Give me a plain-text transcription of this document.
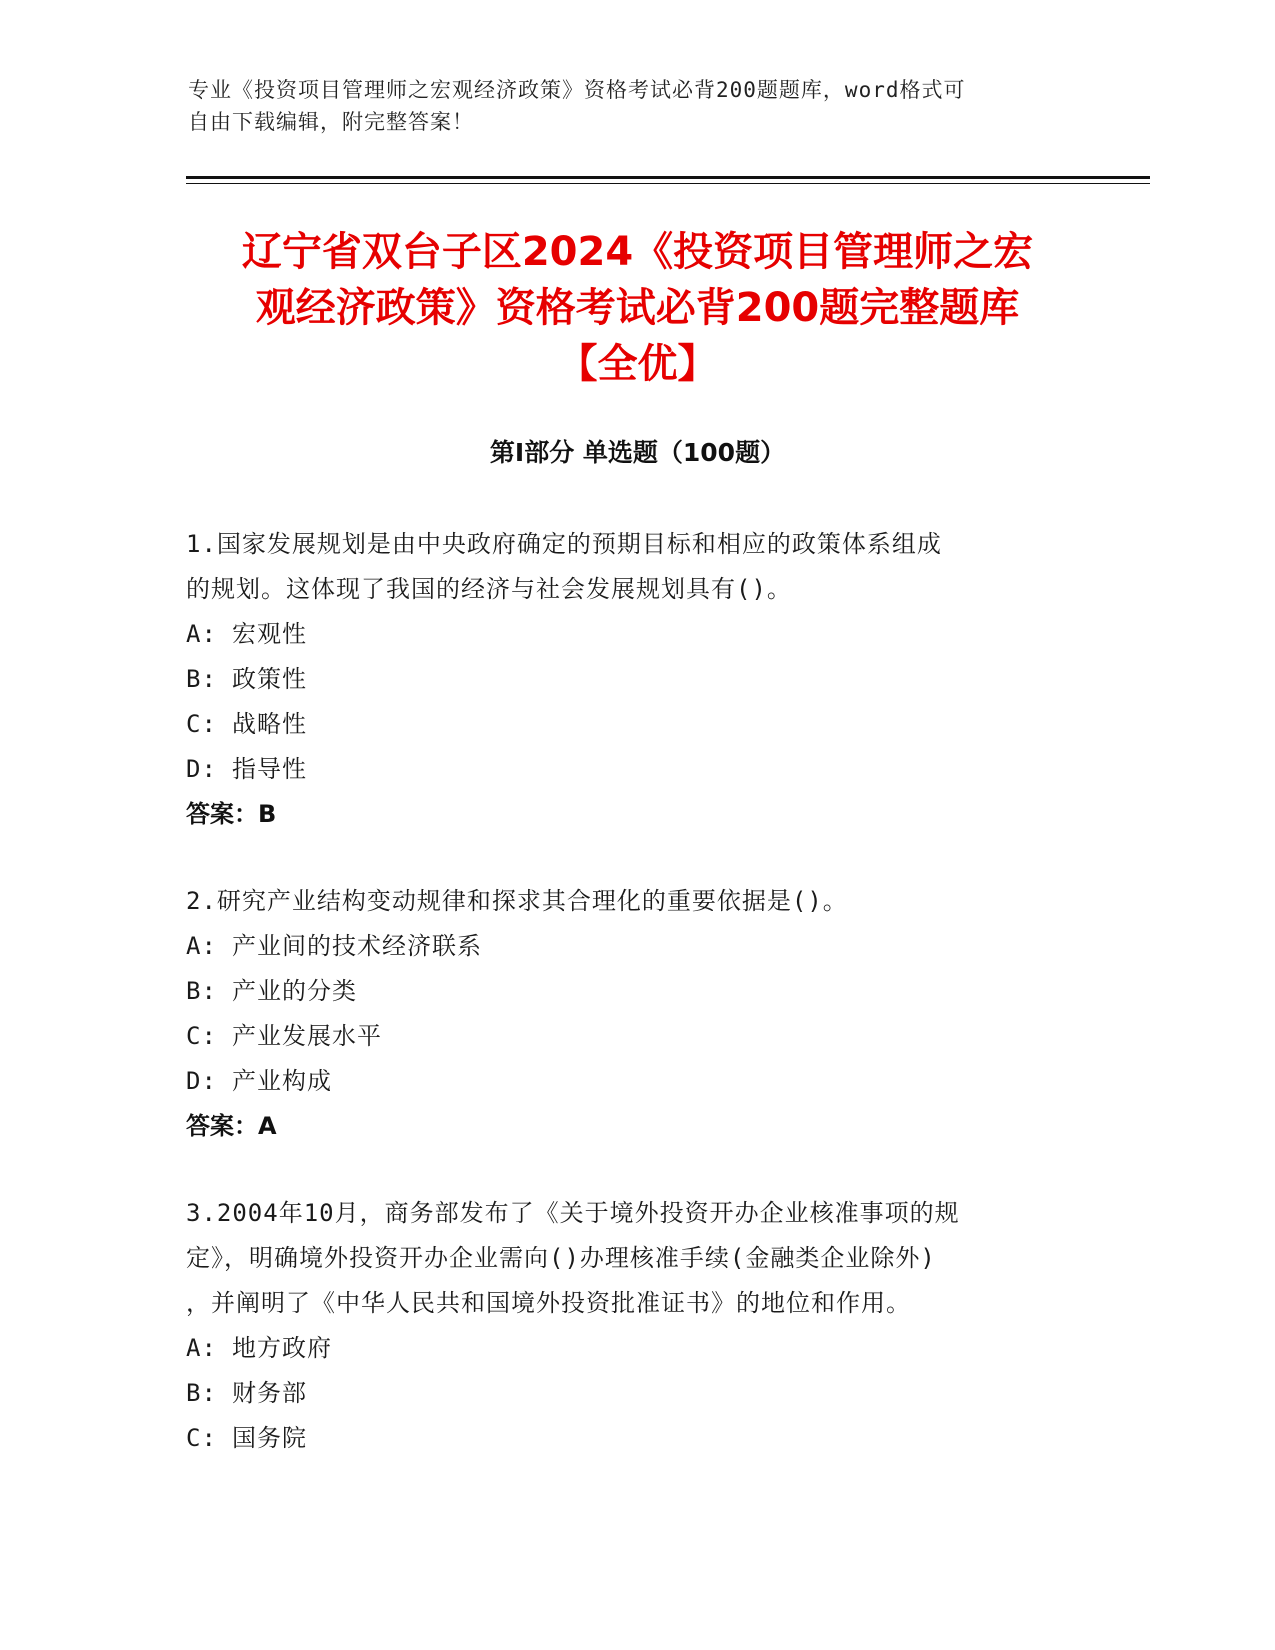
专业《投资项目管理师之宏观经济政策》资格考试必背200题题库，word格式可
自由下载编辑，附完整答案！
辽宁省双台子区2024《投资项目管理师之宏
观经济政策》资格考试必背200题完整题库
【全优】
第Ⅰ部分 单选题（100题）

1.国家发展规划是由中央政府确定的预期目标和相应的政策体系组成

的规划。这体现了我国的经济与社会发展规划具有()。

A: 宏观性

B: 政策性

C: 战略性

D: 指导性

答案：B

2.研究产业结构变动规律和探求其合理化的重要依据是()。

A: 产业间的技术经济联系

B: 产业的分类

C: 产业发展水平

D: 产业构成

答案：A

3.2004年10月，商务部发布了《关于境外投资开办企业核准事项的规

定》，明确境外投资开办企业需向()办理核准手续(金融类企业除外)

，并阐明了《中华人民共和国境外投资批准证书》的地位和作用。

A: 地方政府

B: 财务部

C: 国务院
